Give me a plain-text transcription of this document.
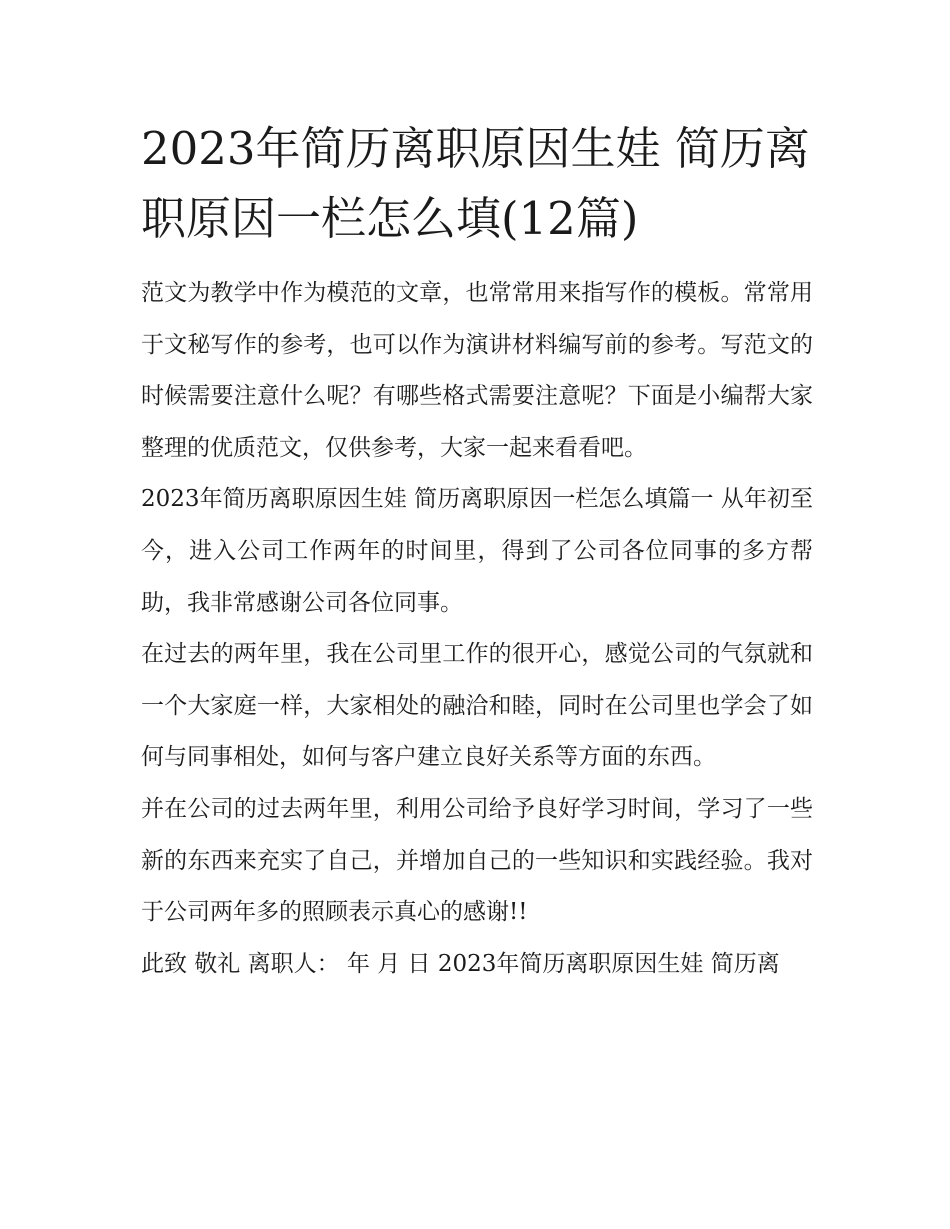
2023年简历离职原因生娃 简历离职原因一栏怎么填(12篇)

范文为教学中作为模范的文章，也常常用来指写作的模板。常常用于文秘写作的参考，也可以作为演讲材料编写前的参考。写范文的时候需要注意什么呢？有哪些格式需要注意呢？下面是小编帮大家整理的优质范文，仅供参考，大家一起来看看吧。

2023年简历离职原因生娃 简历离职原因一栏怎么填篇一 从年初至今，进入公司工作两年的时间里，得到了公司各位同事的多方帮助，我非常感谢公司各位同事。

在过去的两年里，我在公司里工作的很开心，感觉公司的气氛就和一个大家庭一样，大家相处的融洽和睦，同时在公司里也学会了如何与同事相处，如何与客户建立良好关系等方面的东西。

并在公司的过去两年里，利用公司给予良好学习时间，学习了一些新的东西来充实了自己，并增加自己的一些知识和实践经验。我对于公司两年多的照顾表示真心的感谢!!

此致 敬礼 离职人： 年 月 日 2023年简历离职原因生娃 简历离
